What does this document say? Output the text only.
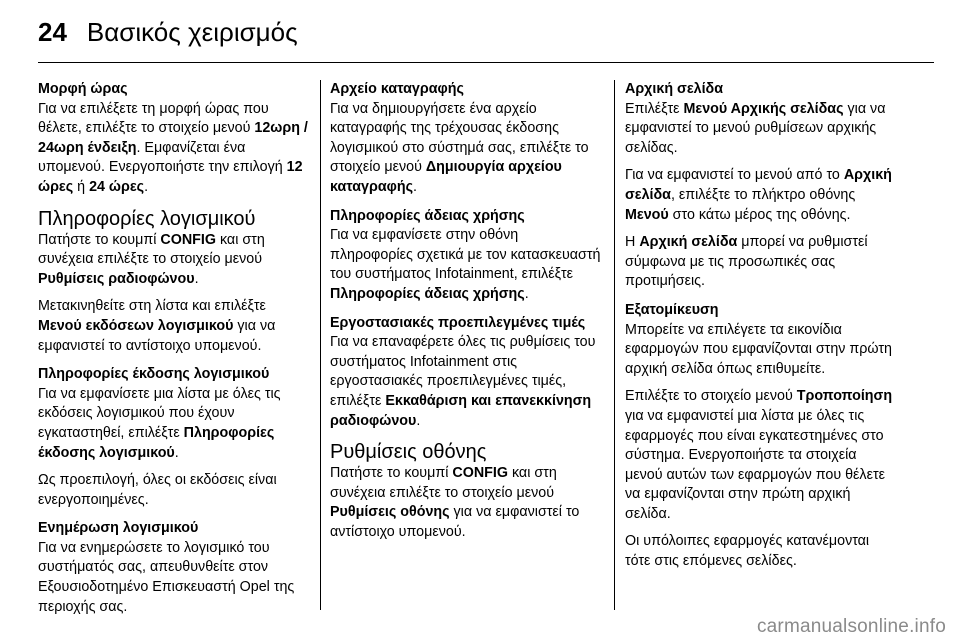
24 Βασικός χειρισμός
Μορφή ώρας

Για να επιλέξετε τη μορφή ώρας που θέλετε, επιλέξτε το στοιχείο μενού 12ωρη / 24ωρη ένδειξη. Εμφανίζεται ένα υπομενού. Ενεργοποιήστε την επιλογή 12 ώρες ή 24 ώρες.

Πληροφορίες λογισμικού

Πατήστε το κουμπί CONFIG και στη συνέχεια επιλέξτε το στοιχείο μενού Ρυθμίσεις ραδιοφώνου.

Μετακινηθείτε στη λίστα και επιλέξτε Μενού εκδόσεων λογισμικού για να εμφανιστεί το αντίστοιχο υπομενού.

Πληροφορίες έκδοσης λογισμικού

Για να εμφανίσετε μια λίστα με όλες τις εκδόσεις λογισμικού που έχουν εγκαταστηθεί, επιλέξτε Πληροφορίες έκδοσης λογισμικού.

Ως προεπιλογή, όλες οι εκδόσεις είναι ενεργοποιημένες.

Ενημέρωση λογισμικού

Για να ενημερώσετε το λογισμικό του συστήματός σας, απευθυνθείτε στον Εξουσιοδοτημένο Επισκευαστή Opel της περιοχής σας.

Αρχείο καταγραφής

Για να δημιουργήσετε ένα αρχείο καταγραφής της τρέχουσας έκδοσης λογισμικού στο σύστημά σας, επιλέξτε το στοιχείο μενού Δημιουργία αρχείου καταγραφής.

Πληροφορίες άδειας χρήσης

Για να εμφανίσετε στην οθόνη πληροφορίες σχετικά με τον κατασκευαστή του συστήματος Infotainment, επιλέξτε Πληροφορίες άδειας χρήσης.

Εργοστασιακές προεπιλεγμένες τιμές

Για να επαναφέρετε όλες τις ρυθμίσεις του συστήματος Infotainment στις εργοστασιακές προεπιλεγμένες τιμές, επιλέξτε Εκκαθάριση και επανεκκίνηση ραδιοφώνου.

Ρυθμίσεις οθόνης

Πατήστε το κουμπί CONFIG και στη συνέχεια επιλέξτε το στοιχείο μενού Ρυθμίσεις οθόνης για να εμφανιστεί το αντίστοιχο υπομενού.

Αρχική σελίδα

Επιλέξτε Μενού Αρχικής σελίδας για να εμφανιστεί το μενού ρυθμίσεων αρχικής σελίδας.

Για να εμφανιστεί το μενού από το Αρχική σελίδα, επιλέξτε το πλήκτρο οθόνης Μενού στο κάτω μέρος της οθόνης.

Η Αρχική σελίδα μπορεί να ρυθμιστεί σύμφωνα με τις προσωπικές σας προτιμήσεις.

Εξατομίκευση

Μπορείτε να επιλέγετε τα εικονίδια εφαρμογών που εμφανίζονται στην πρώτη αρχική σελίδα όπως επιθυμείτε.

Επιλέξτε το στοιχείο μενού Τροποποίηση για να εμφανιστεί μια λίστα με όλες τις εφαρμογές που είναι εγκατεστημένες στο σύστημα. Ενεργοποιήστε τα στοιχεία μενού αυτών των εφαρμογών που θέλετε να εμφανίζονται στην πρώτη αρχική σελίδα.

Οι υπόλοιπες εφαρμογές κατανέμονται τότε στις επόμενες σελίδες.

carmanualsonline.info
